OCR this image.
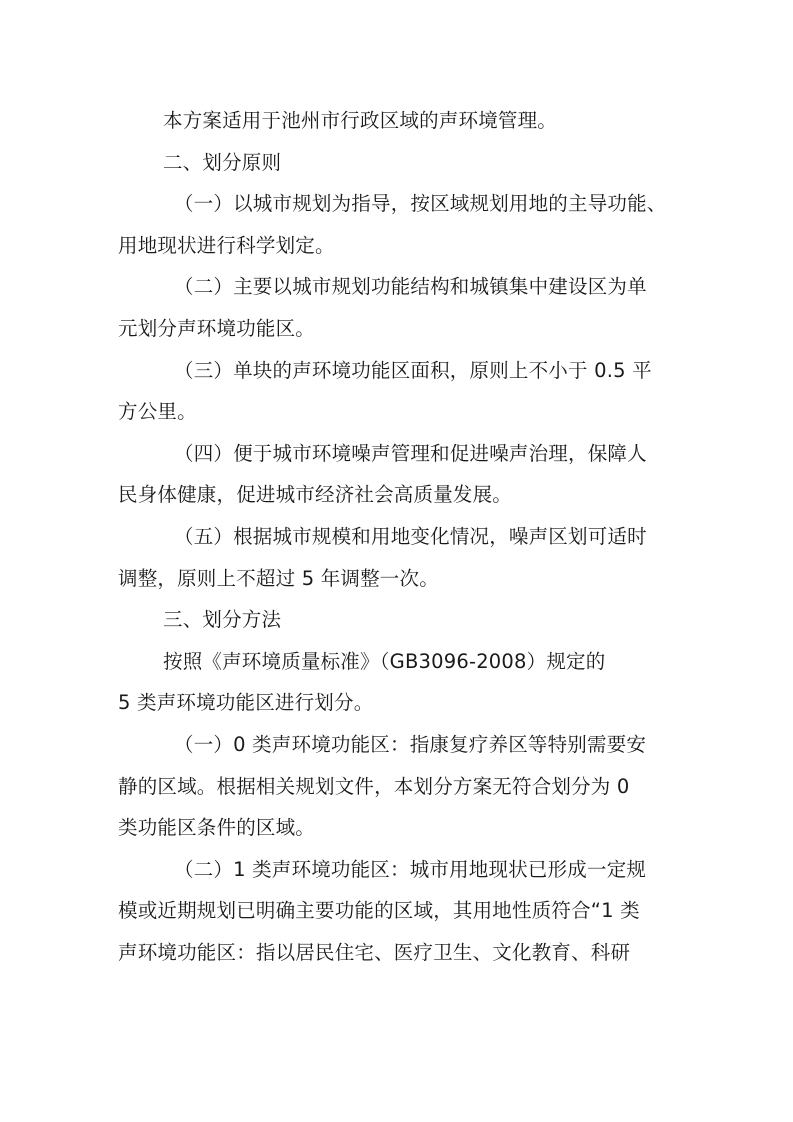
本方案适用于池州市行政区域的声环境管理。
二、划分原则
（一）以城市规划为指导，按区域规划用地的主导功能、
用地现状进行科学划定。
（二）主要以城市规划功能结构和城镇集中建设区为单
元划分声环境功能区。
（三）单块的声环境功能区面积，原则上不小于 0.5 平
方公里。
（四）便于城市环境噪声管理和促进噪声治理，保障人
民身体健康，促进城市经济社会高质量发展。
（五）根据城市规模和用地变化情况，噪声区划可适时
调整，原则上不超过 5 年调整一次。
三、划分方法
按照《声环境质量标准》（GB3096-2008）规定的
5 类声环境功能区进行划分。
（一）0 类声环境功能区：指康复疗养区等特别需要安
静的区域。根据相关规划文件，本划分方案无符合划分为 0
类功能区条件的区域。
（二）1 类声环境功能区：城市用地现状已形成一定规
模或近期规划已明确主要功能的区域，其用地性质符合“1 类
声环境功能区：指以居民住宅、医疗卫生、文化教育、科研
